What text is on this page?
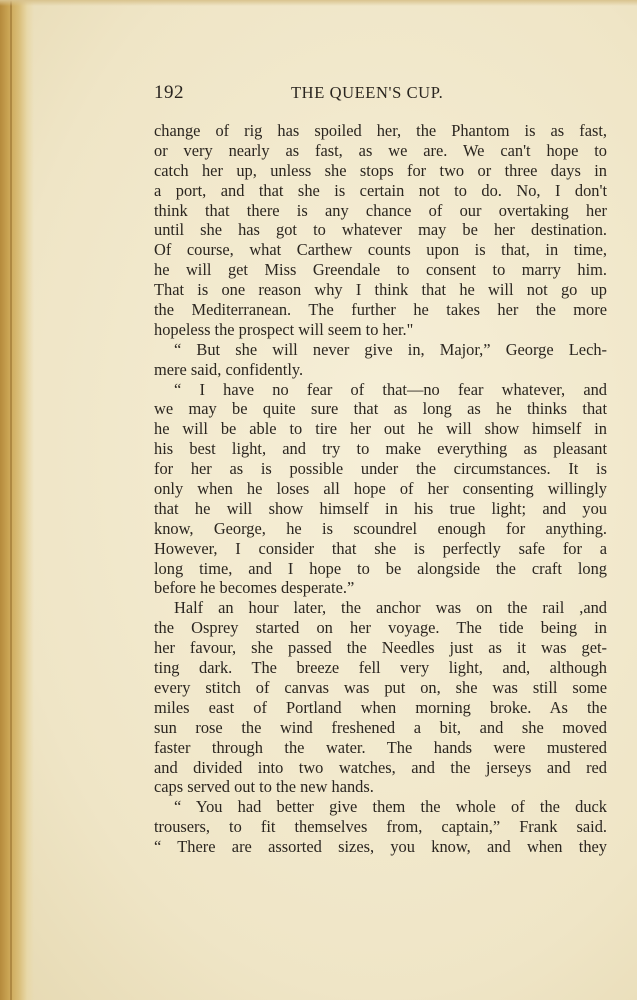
192	THE QUEEN'S CUP.
change of rig has spoiled her, the Phantom is as fast,
or very nearly as fast, as we are. We can't hope to
catch her up, unless she stops for two or three days in
a port, and that she is certain not to do. No, I don't
think that there is any chance of our overtaking her
until she has got to whatever may be her destination.
Of course, what Carthew counts upon is that, in time,
he will get Miss Greendale to consent to marry him.
That is one reason why I think that he will not go up
the Mediterranean. The further he takes her the more
hopeless the prospect will seem to her."
“ But she will never give in, Major,” George Lech-
mere said, confidently.
“ I have no fear of that—no fear whatever, and
we may be quite sure that as long as he thinks that
he will be able to tire her out he will show himself in
his best light, and try to make everything as pleasant
for her as is possible under the circumstances. It is
only when he loses all hope of her consenting willingly
that he will show himself in his true light; and you
know, George, he is scoundrel enough for anything.
However, I consider that she is perfectly safe for a
long time, and I hope to be alongside the craft long
before he becomes desperate.”
Half an hour later, the anchor was on the rail ,and
the Osprey started on her voyage. The tide being in
her favour, she passed the Needles just as it was get-
ting dark. The breeze fell very light, and, although
every stitch of canvas was put on, she was still some
miles east of Portland when morning broke. As the
sun rose the wind freshened a bit, and she moved
faster through the water. The hands were mustered
and divided into two watches, and the jerseys and red
caps served out to the new hands.
“ You had better give them the whole of the duck
trousers, to fit themselves from, captain,” Frank said.
“ There are assorted sizes, you know, and when they
